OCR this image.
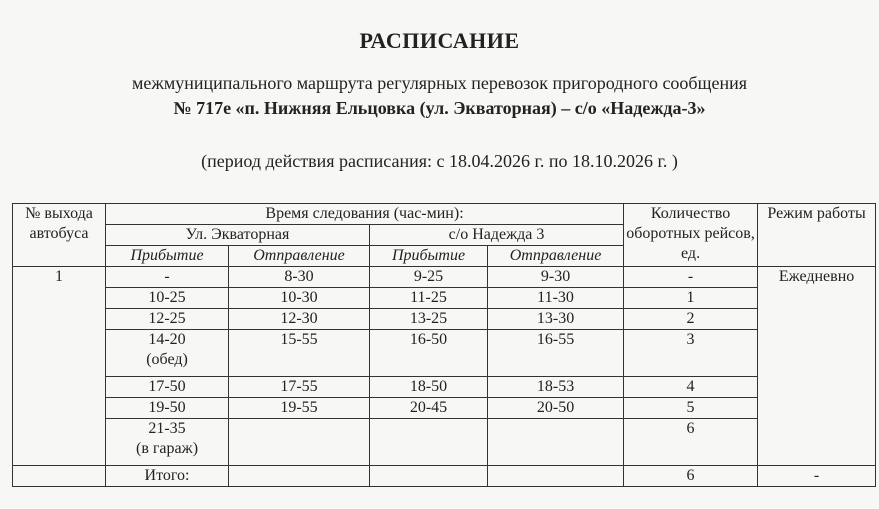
РАСПИСАНИЕ
межмуниципального маршрута регулярных перевозок пригородного сообщения
№ 717е «п. Нижняя Ельцовка (ул. Экваторная) – с/о «Надежда-3»
(период действия расписания: с 18.04.2026 г. по 18.10.2026 г. )
№ выхода автобуса	Время следования (час-мин):				Количество оборотных рейсов, ед.	Режим работы
	Ул. Экваторная		с/о Надежда 3			
	Прибытие	Отправление	Прибытие	Отправление		
1	-	8-30	9-25	9-30	-	Ежедневно

	10-25	10-30	11-25	11-30	1	

	12-25	12-30	13-25	13-30	2	

	14-20
(обед)	15-55	16-50	16-55	3	

	17-50	17-55	18-50	18-53	4	

	19-50	19-55	20-45	20-50	5	

	21-35
(в гараж)				6	
	Итого:				6	-
